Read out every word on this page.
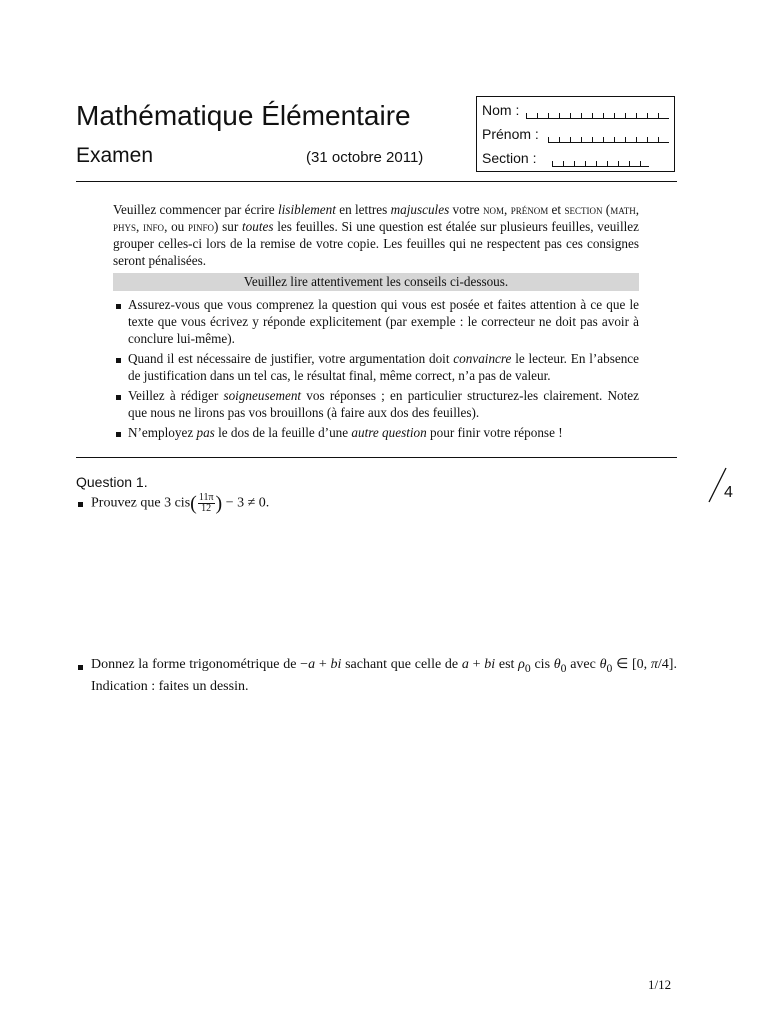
Mathématique Élémentaire
Examen	(31 octobre 2011)
Nom :
Prénom :
Section :

Veuillez commencer par écrire lisiblement en lettres majuscules votre nom, prénom et section (math, phys, info, ou pinfo) sur toutes les feuilles. Si une question est étalée sur plusieurs feuilles, veuillez grouper celles-ci lors de la remise de votre copie. Les feuilles qui ne respectent pas ces consignes seront pénalisées.

Veuillez lire attentivement les conseils ci-dessous.
Assurez-vous que vous comprenez la question qui vous est posée et faites attention à ce que le texte que vous écrivez y réponde explicitement (par exemple : le correcteur ne doit pas avoir à conclure lui-même).
Quand il est nécessaire de justifier, votre argumentation doit convaincre le lecteur. En l’absence de justification dans un tel cas, le résultat final, même correct, n’a pas de valeur.
Veillez à rédiger soigneusement vos réponses ; en particulier structurez-les clairement. Notez que nous ne lirons pas vos brouillons (à faire aux dos des feuilles).
N’employez pas le dos de la feuille d’une autre question pour finir votre réponse !
Question 1.
4
Prouvez que 3 $cis( \frac{11\pi}{12}$ ) − 3 ≠ 0.
Donnez la forme trigonométrique de −a + bi sachant que celle de a + bi est $\rho_0$ cis $\theta_0$ avec $\theta_0$ ∈ [0, π/4]. Indication : faites un dessin.
1/12
